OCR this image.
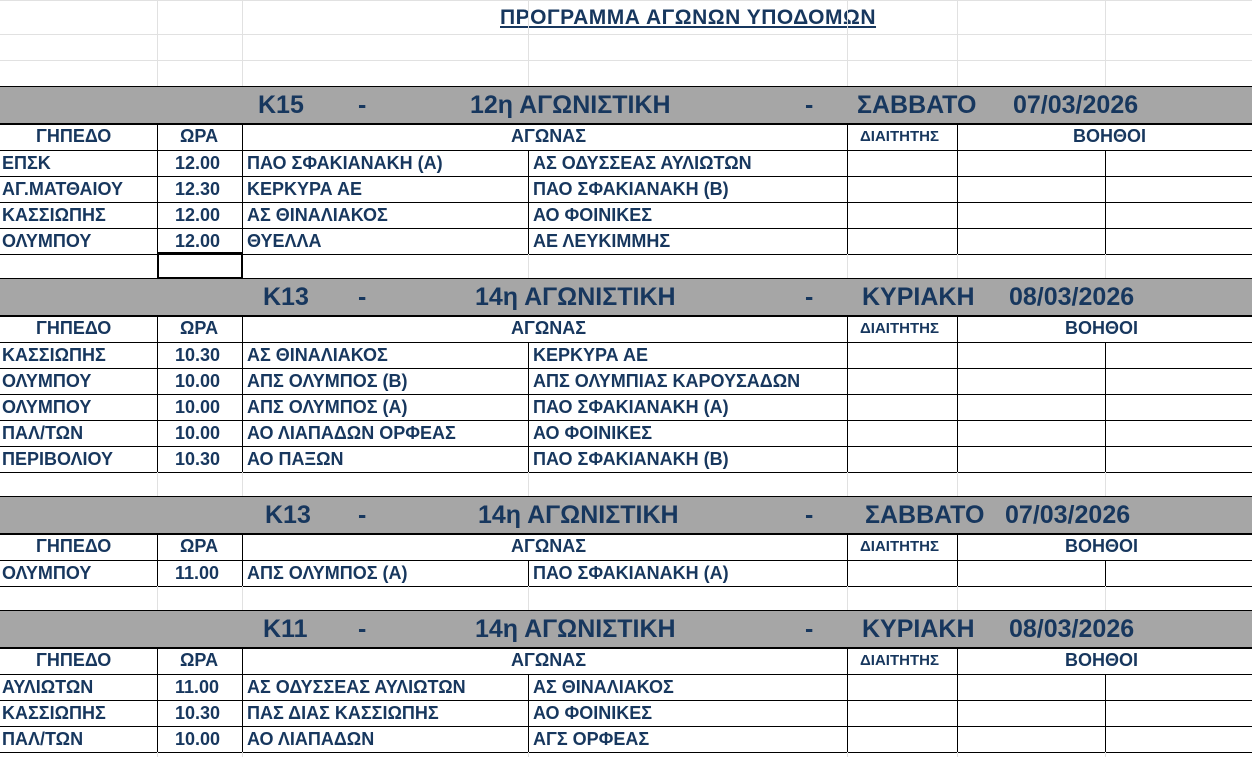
ΠΡΟΓΡΑΜΜΑ ΑΓΩΝΩΝ ΥΠΟΔΟΜΩΝ
Κ15 -	12η ΑΓΩΝΙΣΤΙΚΗ	- ΣΑΒΒΑΤΟ 07/03/2026
ΓΗΠΕΔΟ	ΩΡΑ	ΑΓΩΝΑΣ	ΔΙΑΙΤΗΤΗΣ	ΒΟΗΘΟΙ
ΕΠΣΚ	12.00 ΠΑΟ ΣΦΑΚΙΑΝΑΚΗ (Α)	ΑΣ ΟΔΥΣΣΕΑΣ ΑΥΛΙΩΤΩΝ
ΑΓ.ΜΑΤΘΑΙΟΥ	12.30 ΚΕΡΚΥΡΑ ΑΕ	ΠΑΟ ΣΦΑΚΙΑΝΑΚΗ (Β)
ΚΑΣΣΙΩΠΗΣ	12.00 ΑΣ ΘΙΝΑΛΙΑΚΟΣ	ΑΟ ΦΟΙΝΙΚΕΣ
ΟΛΥΜΠΟΥ	12.00 ΘΥΕΛΛΑ	ΑΕ ΛΕΥΚΙΜΜΗΣ
Κ13 -	14η ΑΓΩΝΙΣΤΙΚΗ	- ΚΥΡΙΑΚΗ 08/03/2026
ΓΗΠΕΔΟ	ΩΡΑ	ΑΓΩΝΑΣ	ΔΙΑΙΤΗΤΗΣ	ΒΟΗΘΟΙ
ΚΑΣΣΙΩΠΗΣ	10.30 ΑΣ ΘΙΝΑΛΙΑΚΟΣ	ΚΕΡΚΥΡΑ ΑΕ
ΟΛΥΜΠΟΥ	10.00 ΑΠΣ ΟΛΥΜΠΟΣ (Β)	ΑΠΣ ΟΛΥΜΠΙΑΣ ΚΑΡΟΥΣΑΔΩΝ
ΟΛΥΜΠΟΥ	10.00 ΑΠΣ ΟΛΥΜΠΟΣ (Α)	ΠΑΟ ΣΦΑΚΙΑΝΑΚΗ (Α)
ΠΑΛ/ΤΩΝ	10.00 ΑΟ ΛΙΑΠΑΔΩΝ ΟΡΦΕΑΣ	ΑΟ ΦΟΙΝΙΚΕΣ
ΠΕΡΙΒΟΛΙΟΥ	10.30 ΑΟ ΠΑΞΩΝ	ΠΑΟ ΣΦΑΚΙΑΝΑΚΗ (Β)
Κ13 -	14η ΑΓΩΝΙΣΤΙΚΗ	- ΣΑΒΒΑΤΟ 07/03/2026
ΓΗΠΕΔΟ	ΩΡΑ	ΑΓΩΝΑΣ	ΔΙΑΙΤΗΤΗΣ	ΒΟΗΘΟΙ
ΟΛΥΜΠΟΥ	11.00 ΑΠΣ ΟΛΥΜΠΟΣ (Α)	ΠΑΟ ΣΦΑΚΙΑΝΑΚΗ (Α)
Κ11 -	14η ΑΓΩΝΙΣΤΙΚΗ	- ΚΥΡΙΑΚΗ 08/03/2026
ΓΗΠΕΔΟ	ΩΡΑ	ΑΓΩΝΑΣ	ΔΙΑΙΤΗΤΗΣ	ΒΟΗΘΟΙ
ΑΥΛΙΩΤΩΝ	11.00 ΑΣ ΟΔΥΣΣΕΑΣ ΑΥΛΙΩΤΩΝ	ΑΣ ΘΙΝΑΛΙΑΚΟΣ
ΚΑΣΣΙΩΠΗΣ	10.30 ΠΑΣ ΔΙΑΣ ΚΑΣΣΙΩΠΗΣ	ΑΟ ΦΟΙΝΙΚΕΣ
ΠΑΛ/ΤΩΝ	10.00 ΑΟ ΛΙΑΠΑΔΩΝ	ΑΓΣ ΟΡΦΕΑΣ
